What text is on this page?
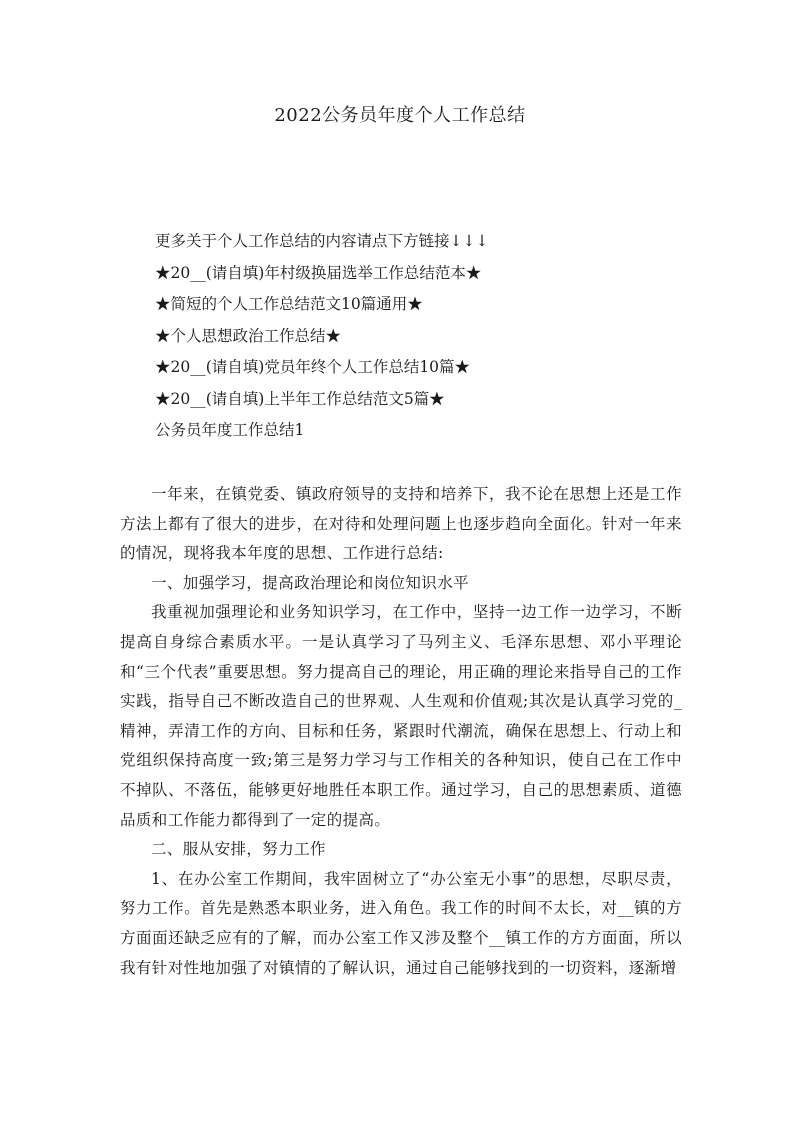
2022公务员年度个人工作总结
更多关于个人工作总结的内容请点下方链接↓↓↓
★20__(请自填)年村级换届选举工作总结范本★
★简短的个人工作总结范文10篇通用★
★个人思想政治工作总结★
★20__(请自填)党员年终个人工作总结10篇★
★20__(请自填)上半年工作总结范文5篇★
公务员年度工作总结1

一年来，在镇党委、镇政府领导的支持和培养下，我不论在思想上还是工作方法上都有了很大的进步，在对待和处理问题上也逐步趋向全面化。针对一年来的情况，现将我本年度的思想、工作进行总结:

一、加强学习，提高政治理论和岗位知识水平

我重视加强理论和业务知识学习，在工作中，坚持一边工作一边学习，不断提高自身综合素质水平。一是认真学习了马列主义、毛泽东思想、邓小平理论和“三个代表”重要思想。努力提高自己的理论，用正确的理论来指导自己的工作实践，指导自己不断改造自己的世界观、人生观和价值观;其次是认真学习党的_精神，弄清工作的方向、目标和任务，紧跟时代潮流，确保在思想上、行动上和党组织保持高度一致;第三是努力学习与工作相关的各种知识，使自己在工作中不掉队、不落伍，能够更好地胜任本职工作。通过学习，自己的思想素质、道德品质和工作能力都得到了一定的提高。

二、服从安排，努力工作

1、在办公室工作期间，我牢固树立了“办公室无小事”的思想，尽职尽责，努力工作。首先是熟悉本职业务，进入角色。我工作的时间不太长，对__镇的方方面面还缺乏应有的了解，而办公室工作又涉及整个__镇工作的方方面面，所以我有针对性地加强了对镇情的了解认识，通过自己能够找到的一切资料，逐渐增
